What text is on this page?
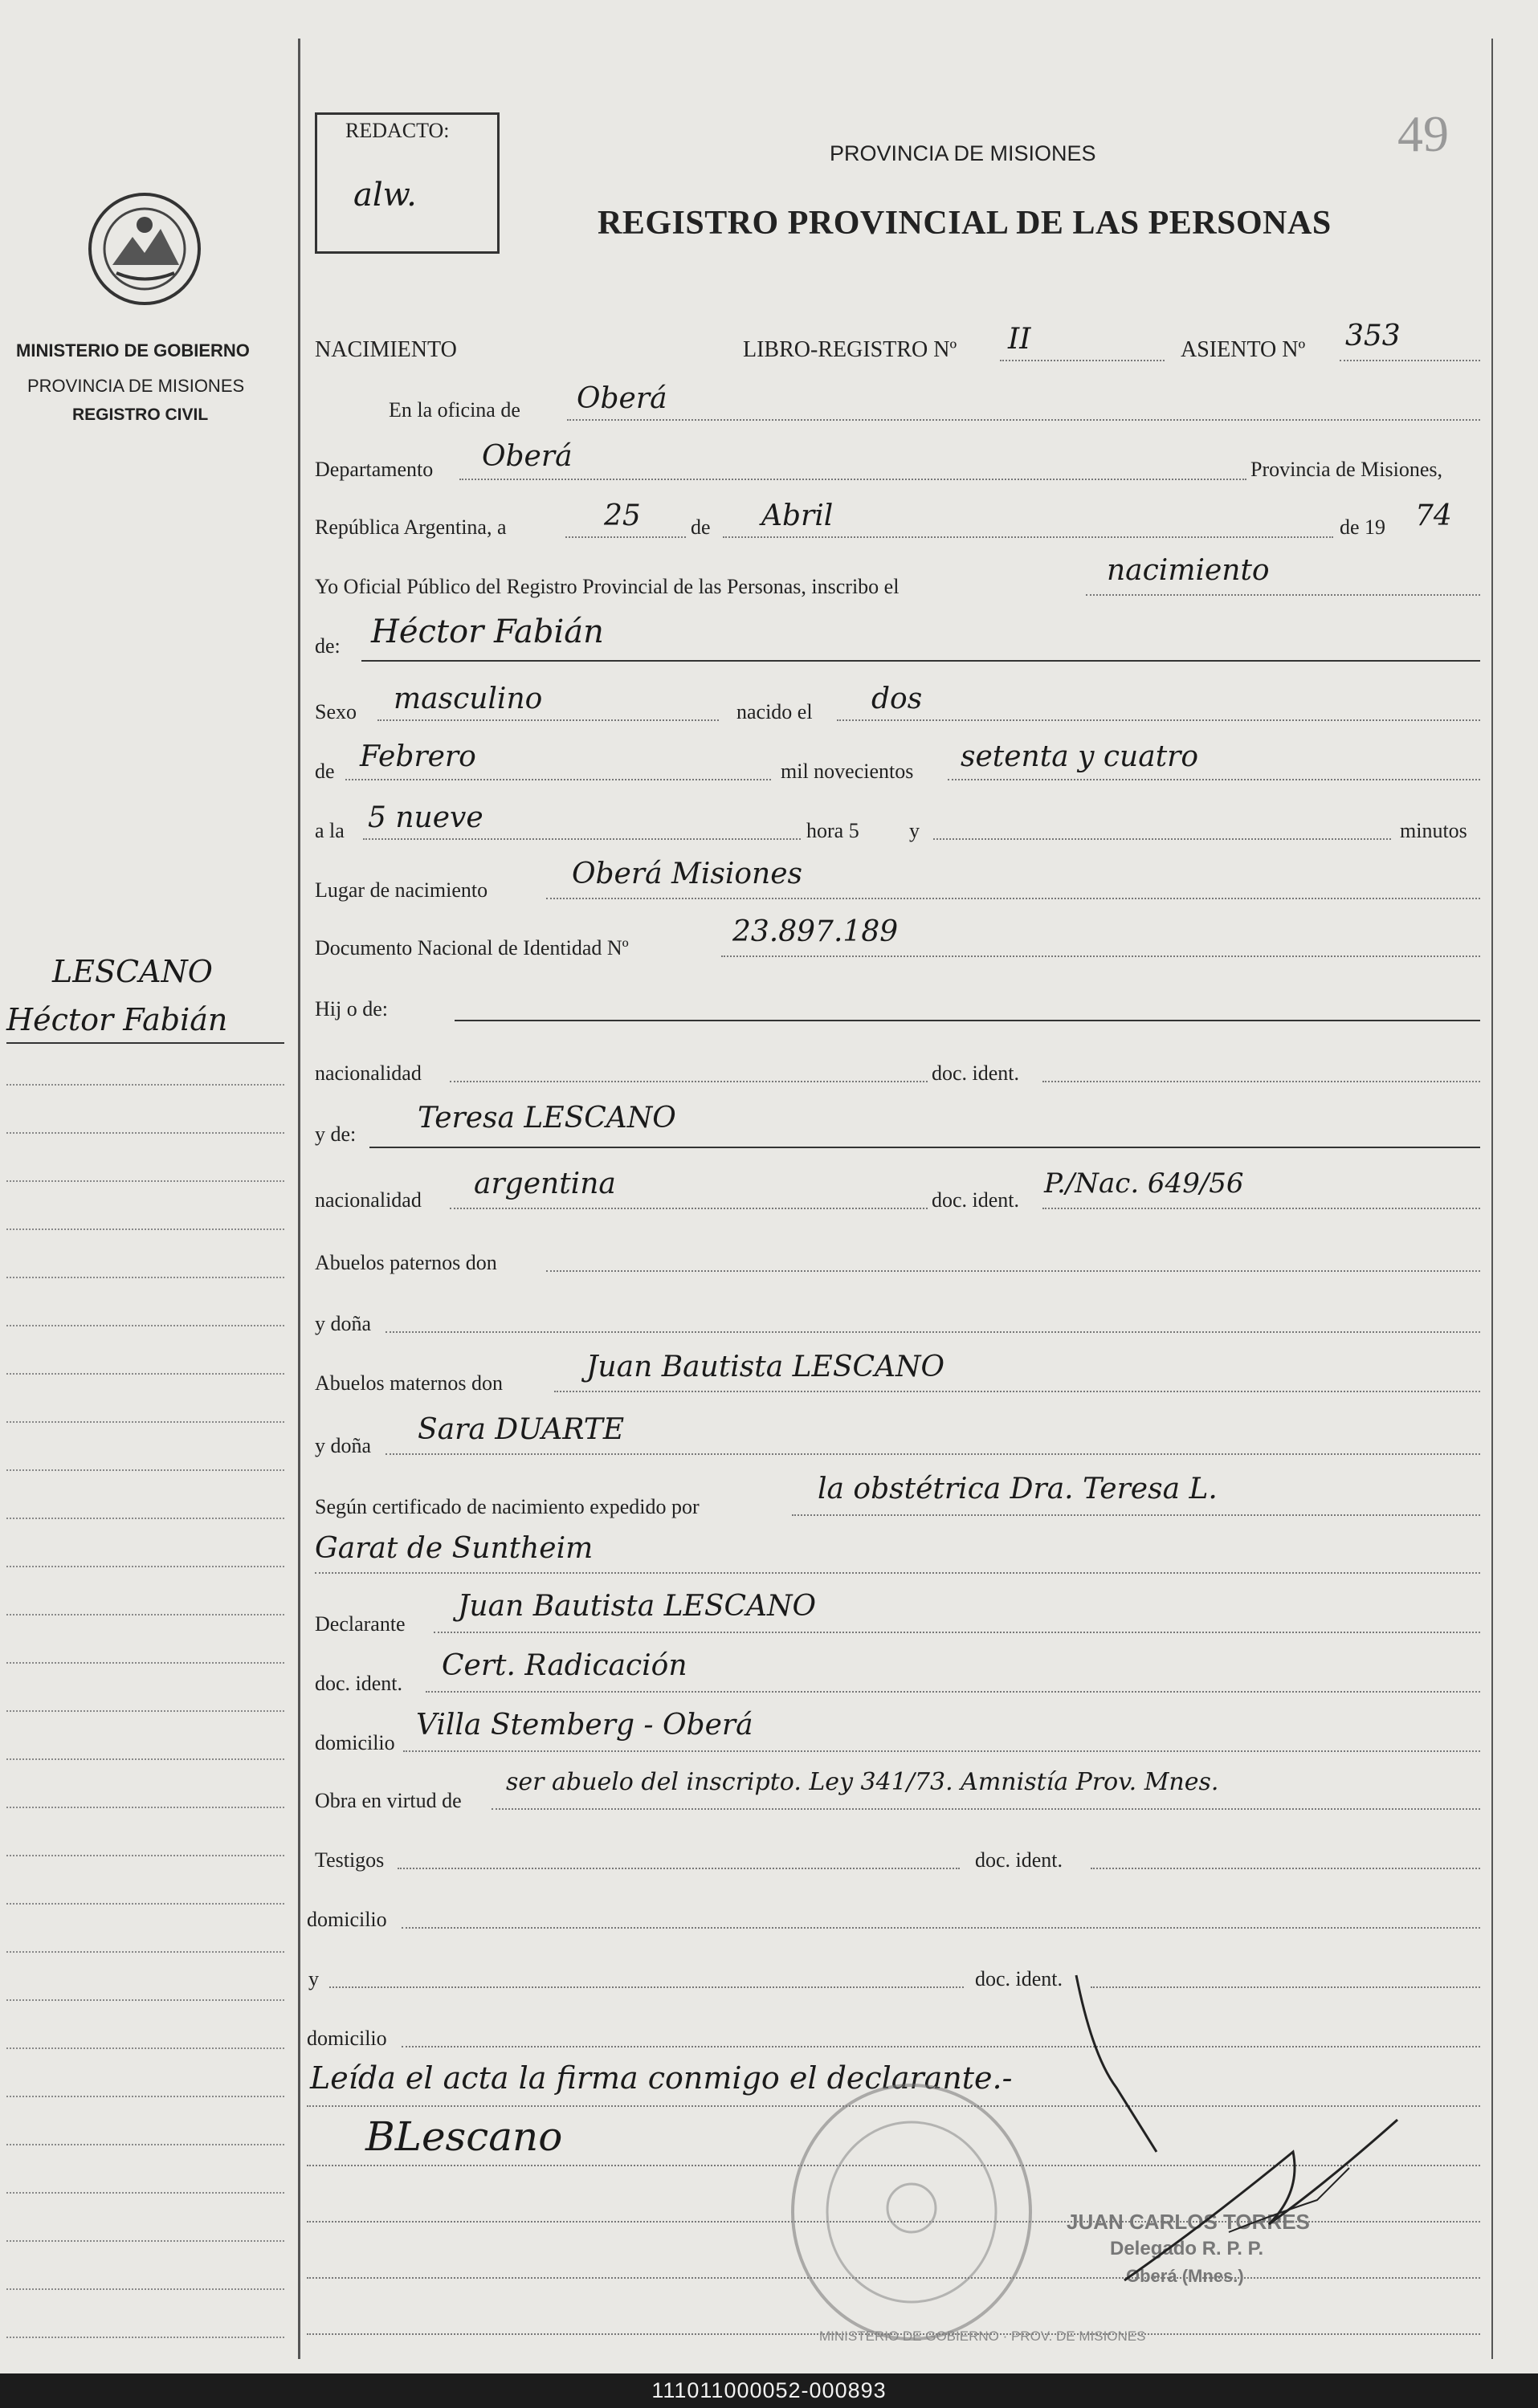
MINISTERIO DE GOBIERNO
PROVINCIA DE MISIONES
REGISTRO CIVIL
LESCANO
Héctor Fabián
REDACTO:
alw.
49
PROVINCIA DE MISIONES
REGISTRO PROVINCIAL DE LAS PERSONAS
NACIMIENTO	LIBRO-REGISTRO Nº II	ASIENTO Nº 353
En la oficina de Oberá
Departamento Oberá	Provincia de Misiones,
República Argentina, a	25 de Abril	de 19 74
Yo Oficial Público del Registro Provincial de las Personas, inscribo el	nacimiento
de: Héctor Fabián
Sexo masculino	nacido el dos
de Febrero	mil novecientos setenta y cuatro
a la 5 nueve	hora 5 y	minutos
Lugar de nacimiento	Oberá Misiones
Documento Nacional de Identidad Nº	23.897.189
Hij o de:
nacionalidad	doc. ident.
y de: Teresa LESCANO
nacionalidad argentina	doc. ident.
P./Nac. 649/56
Abuelos paternos don
y doña
Abuelos maternos don	Juan Bautista LESCANO
y doña Sara DUARTE
Según certificado de nacimiento expedido por
la obstétrica Dra. Teresa L.
Garat de Suntheim
Declarante
Juan Bautista LESCANO
doc. ident.
Cert. Radicación
domicilio
Villa Stemberg - Oberá
Obra en virtud de
ser abuelo del inscripto. Ley 341/73. Amnistía Prov. Mnes.
Testigos	doc. ident.
domicilio
y	doc. ident.
domicilio
Leída el acta la firma conmigo el declarante.-
BLescano
MINISTERIO DE GOBIERNO · PROV. DE MISIONES
JUAN CARLOS TORRES
Delegado R. P. P.
Oberá (Mnes.)
111011000052-000893
